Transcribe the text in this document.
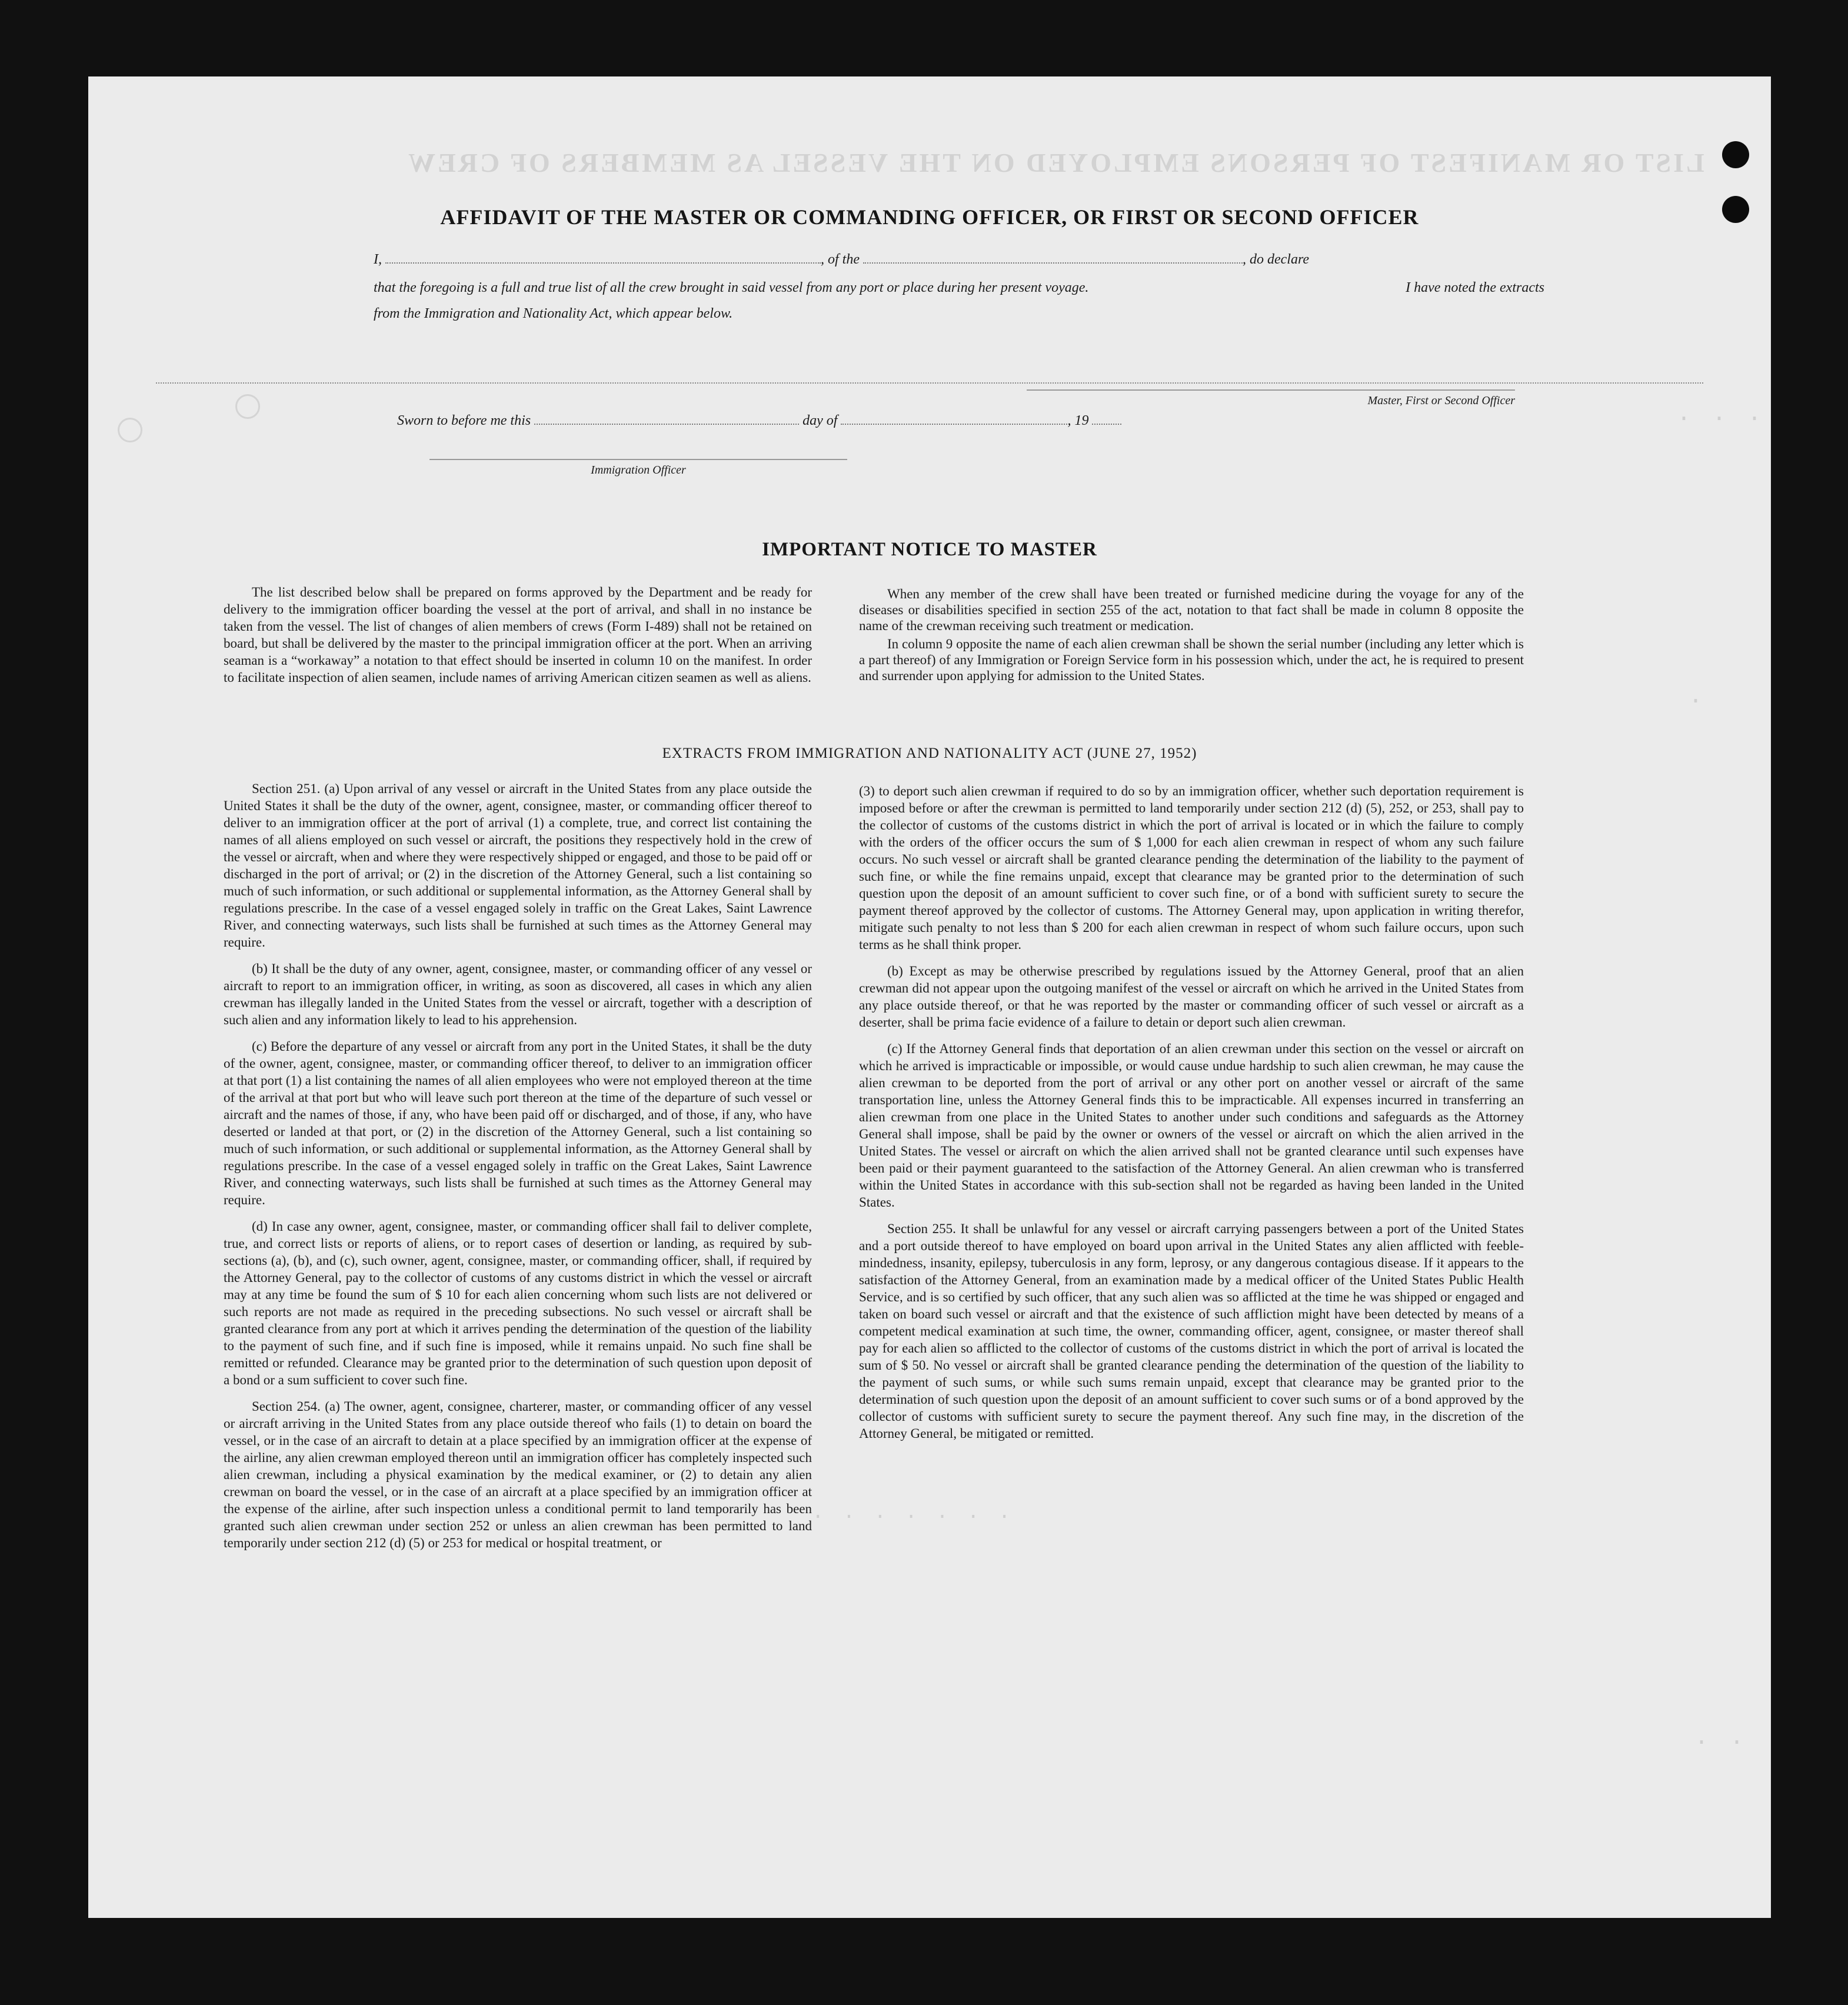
LIST OR MANIFEST OF PERSONS EMPLOYED ON THE VESSEL AS MEMBERS OF CREW
· · · · · · ·
· · ·
·
· ·
AFFIDAVIT OF THE MASTER OR COMMANDING OFFICER, OR FIRST OR SECOND OFFICER
I,	, of the	, do declare
that the foregoing is a full and true list of all the crew brought in said vessel from any port or place during her present voyage.	I have noted the extracts
from the Immigration and Nationality Act, which appear below.
Master, First or Second Officer
Sworn to before me this	day of	, 19
Immigration Officer
IMPORTANT NOTICE TO MASTER

The list described below shall be prepared on forms approved by the Department and be ready for delivery to the immigration officer boarding the vessel at the port of arrival, and shall in no instance be taken from the vessel. The list of changes of alien members of crews (Form I-489) shall not be retained on board, but shall be delivered by the master to the principal immigration officer at the port. When an arriving seaman is a “workaway” a notation to that effect should be inserted in column 10 on the manifest. In order to facilitate inspection of alien seamen, include names of arriving American citizen seamen as well as aliens.

When any member of the crew shall have been treated or furnished medicine during the voyage for any of the diseases or disabilities specified in section 255 of the act, notation to that fact shall be made in column 8 opposite the name of the crewman receiving such treatment or medication.

In column 9 opposite the name of each alien crewman shall be shown the serial number (including any letter which is a part thereof) of any Immigration or Foreign Service form in his possession which, under the act, he is required to present and surrender upon applying for admission to the United States.

EXTRACTS FROM IMMIGRATION AND NATIONALITY ACT (JUNE 27, 1952)

Section 251. (a) Upon arrival of any vessel or aircraft in the United States from any place outside the United States it shall be the duty of the owner, agent, consignee, master, or commanding officer thereof to deliver to an immigration officer at the port of arrival (1) a complete, true, and correct list containing the names of all aliens employed on such vessel or aircraft, the positions they respectively hold in the crew of the vessel or aircraft, when and where they were respectively shipped or engaged, and those to be paid off or discharged in the port of arrival; or (2) in the discretion of the Attorney General, such a list containing so much of such information, or such additional or supplemental information, as the Attorney General shall by regulations prescribe. In the case of a vessel engaged solely in traffic on the Great Lakes, Saint Lawrence River, and connecting waterways, such lists shall be furnished at such times as the Attorney General may require.

(b) It shall be the duty of any owner, agent, consignee, master, or commanding officer of any vessel or aircraft to report to an immigration officer, in writing, as soon as discovered, all cases in which any alien crewman has illegally landed in the United States from the vessel or aircraft, together with a description of such alien and any information likely to lead to his apprehension.

(c) Before the departure of any vessel or aircraft from any port in the United States, it shall be the duty of the owner, agent, consignee, master, or commanding officer thereof, to deliver to an immigration officer at that port (1) a list containing the names of all alien employees who were not employed thereon at the time of the arrival at that port but who will leave such port thereon at the time of the departure of such vessel or aircraft and the names of those, if any, who have been paid off or discharged, and of those, if any, who have deserted or landed at that port, or (2) in the discretion of the Attorney General, such a list containing so much of such information, or such additional or supplemental information, as the Attorney General shall by regulations prescribe. In the case of a vessel engaged solely in traffic on the Great Lakes, Saint Lawrence River, and connecting waterways, such lists shall be furnished at such times as the Attorney General may require.

(d) In case any owner, agent, consignee, master, or commanding officer shall fail to deliver complete, true, and correct lists or reports of aliens, or to report cases of desertion or landing, as required by sub-sections (a), (b), and (c), such owner, agent, consignee, master, or commanding officer, shall, if required by the Attorney General, pay to the collector of customs of any customs district in which the vessel or aircraft may at any time be found the sum of $ 10 for each alien concerning whom such lists are not delivered or such reports are not made as required in the preceding subsections. No such vessel or aircraft shall be granted clearance from any port at which it arrives pending the determination of the question of the liability to the payment of such fine, and if such fine is imposed, while it remains unpaid. No such fine shall be remitted or refunded. Clearance may be granted prior to the determination of such question upon deposit of a bond or a sum sufficient to cover such fine.

Section 254. (a) The owner, agent, consignee, charterer, master, or commanding officer of any vessel or aircraft arriving in the United States from any place outside thereof who fails (1) to detain on board the vessel, or in the case of an aircraft to detain at a place specified by an immigration officer at the expense of the airline, any alien crewman employed thereon until an immigration officer has completely inspected such alien crewman, including a physical examination by the medical examiner, or (2) to detain any alien crewman on board the vessel, or in the case of an aircraft at a place specified by an immigration officer at the expense of the airline, after such inspection unless a conditional permit to land temporarily has been granted such alien crewman under section 252 or unless an alien crewman has been permitted to land temporarily under section 212 (d) (5) or 253 for medical or hospital treatment, or

(3) to deport such alien crewman if required to do so by an immigration officer, whether such deportation requirement is imposed before or after the crewman is permitted to land temporarily under section 212 (d) (5), 252, or 253, shall pay to the collector of customs of the customs district in which the port of arrival is located or in which the failure to comply with the orders of the officer occurs the sum of $ 1,000 for each alien crewman in respect of whom any such failure occurs. No such vessel or aircraft shall be granted clearance pending the determination of the liability to the payment of such fine, or while the fine remains unpaid, except that clearance may be granted prior to the determination of such question upon the deposit of an amount sufficient to cover such fine, or of a bond with sufficient surety to secure the payment thereof approved by the collector of customs. The Attorney General may, upon application in writing therefor, mitigate such penalty to not less than $ 200 for each alien crewman in respect of whom such failure occurs, upon such terms as he shall think proper.

(b) Except as may be otherwise prescribed by regulations issued by the Attorney General, proof that an alien crewman did not appear upon the outgoing manifest of the vessel or aircraft on which he arrived in the United States from any place outside thereof, or that he was reported by the master or commanding officer of such vessel or aircraft as a deserter, shall be prima facie evidence of a failure to detain or deport such alien crewman.

(c) If the Attorney General finds that deportation of an alien crewman under this section on the vessel or aircraft on which he arrived is impracticable or impossible, or would cause undue hardship to such alien crewman, he may cause the alien crewman to be deported from the port of arrival or any other port on another vessel or aircraft of the same transportation line, unless the Attorney General finds this to be impracticable. All expenses incurred in transferring an alien crewman from one place in the United States to another under such conditions and safeguards as the Attorney General shall impose, shall be paid by the owner or owners of the vessel or aircraft on which the alien arrived in the United States. The vessel or aircraft on which the alien arrived shall not be granted clearance until such expenses have been paid or their payment guaranteed to the satisfaction of the Attorney General. An alien crewman who is transferred within the United States in accordance with this sub-section shall not be regarded as having been landed in the United States.

Section 255. It shall be unlawful for any vessel or aircraft carrying passengers between a port of the United States and a port outside thereof to have employed on board upon arrival in the United States any alien afflicted with feeble-mindedness, insanity, epilepsy, tuberculosis in any form, leprosy, or any dangerous contagious disease. If it appears to the satisfaction of the Attorney General, from an examination made by a medical officer of the United States Public Health Service, and is so certified by such officer, that any such alien was so afflicted at the time he was shipped or engaged and taken on board such vessel or aircraft and that the existence of such affliction might have been detected by means of a competent medical examination at such time, the owner, commanding officer, agent, consignee, or master thereof shall pay for each alien so afflicted to the collector of customs of the customs district in which the port of arrival is located the sum of $ 50. No vessel or aircraft shall be granted clearance pending the determination of the question of the liability to the payment of such sums, or while such sums remain unpaid, except that clearance may be granted prior to the determination of such question upon the deposit of an amount sufficient to cover such sums or of a bond approved by the collector of customs with sufficient surety to secure the payment thereof. Any such fine may, in the discretion of the Attorney General, be mitigated or remitted.
